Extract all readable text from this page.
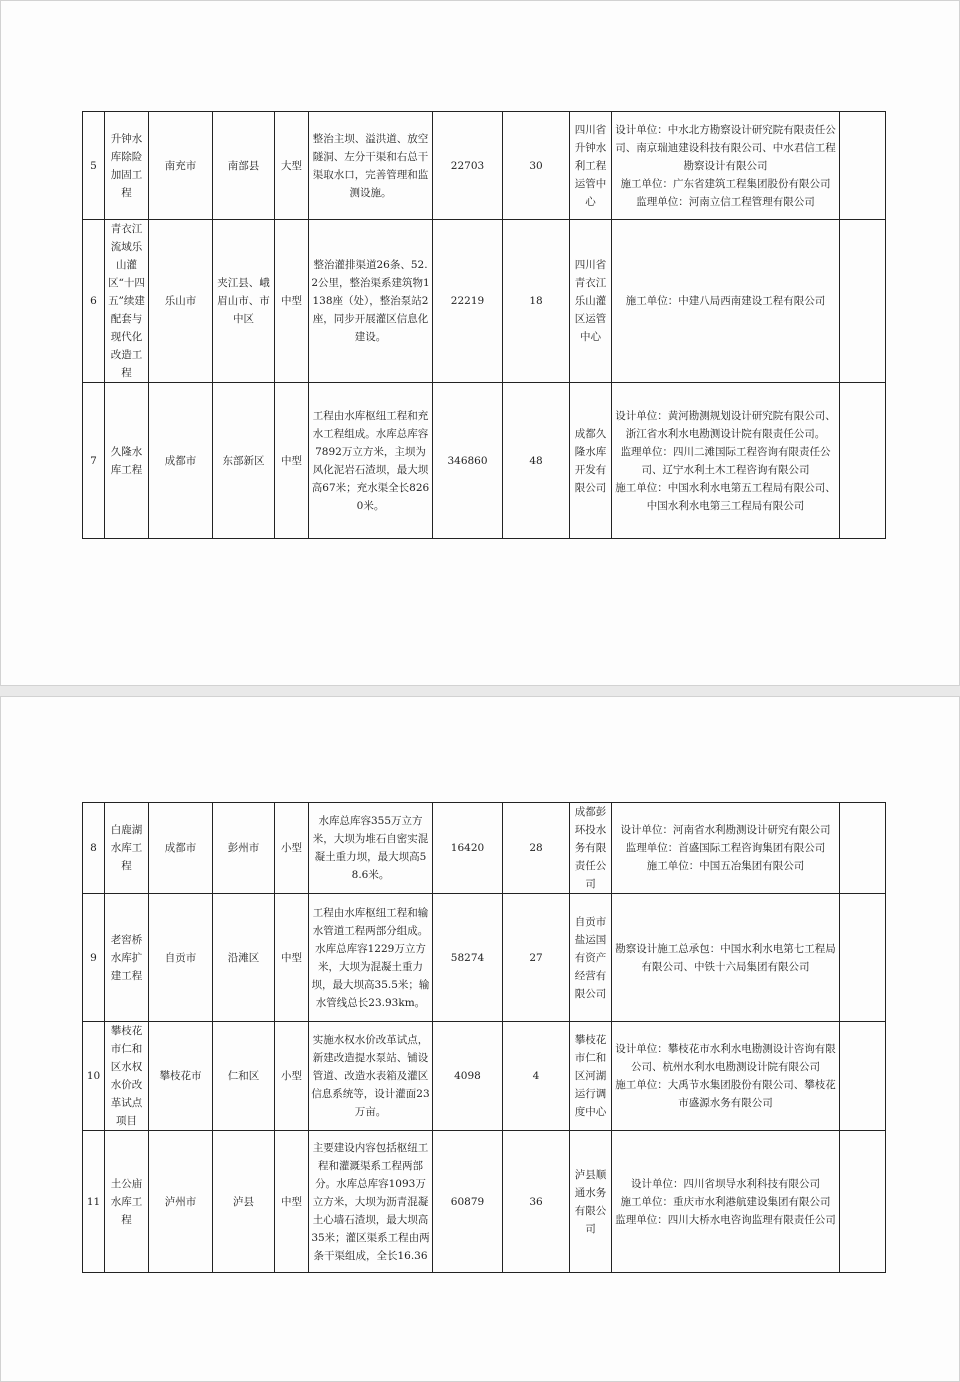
5	升钟水库除险加固工程	南充市	南部县	大型	整治主坝、溢洪道、放空隧洞、左分干渠和右总干渠取水口，完善管理和监测设施。	22703	30	四川省升钟水利工程运管中心	设计单位：中水北方勘察设计研究院有限责任公司、南京瑞迪建设科技有限公司、中水君信工程勘察设计有限公司
施工单位：广东省建筑工程集团股份有限公司
监理单位：河南立信工程管理有限公司	

6	青衣江流域乐山灌区“十四五”续建配套与现代化改造工程	乐山市	夹江县、峨眉山市、市中区	中型	整治灌排渠道26条、52.2公里，整治渠系建筑物1138座（处），整治泵站2座，同步开展灌区信息化建设。	22219	18	四川省青衣江乐山灌区运管中心	施工单位：中建八局西南建设工程有限公司	

7	久隆水库工程	成都市	东部新区	中型	工程由水库枢纽工程和充水工程组成。水库总库容7892万立方米，主坝为风化泥岩石渣坝，最大坝高67米；充水渠全长8260米。	346860	48	成都久隆水库开发有限公司	设计单位：黄河勘测规划设计研究院有限公司、浙江省水利水电勘测设计院有限责任公司。
监理单位：四川二滩国际工程咨询有限责任公司、辽宁水利土木工程咨询有限公司
施工单位：中国水利水电第五工程局有限公司、中国水利水电第三工程局有限公司	

8	白鹿湖水库工程	成都市	彭州市	小型	水库总库容355万立方米，大坝为堆石自密实混凝土重力坝，最大坝高58.6米。	16420	28	成都彭环投水务有限责任公司	设计单位：河南省水利勘测设计研究有限公司
监理单位：首盛国际工程咨询集团有限公司
施工单位：中国五冶集团有限公司	

9	老窖桥水库扩建工程	自贡市	沿滩区	中型	工程由水库枢纽工程和输水管道工程两部分组成。水库总库容1229万立方米，大坝为混凝土重力坝，最大坝高35.5米；输水管线总长23.93km。	58274	27	自贡市盐运国有资产经营有限公司	勘察设计施工总承包：中国水利水电第七工程局有限公司、中铁十六局集团有限公司	

10	攀枝花市仁和区水权水价改革试点项目	攀枝花市	仁和区	小型	实施水权水价改革试点，新建改造提水泵站、铺设管道、改造水表箱及灌区信息系统等，设计灌面23万亩。	4098	4	攀枝花市仁和区河湖运行调度中心	设计单位：攀枝花市水利水电勘测设计咨询有限公司、杭州水利水电勘测设计院有限公司
施工单位：大禹节水集团股份有限公司、攀枝花市盛源水务有限公司	

11	土公庙水库工程	泸州市	泸县	中型	主要建设内容包括枢纽工程和灌溉渠系工程两部分。水库总库容1093万立方米，大坝为沥青混凝土心墙石渣坝，最大坝高35米；灌区渠系工程由两条干渠组成，全长16.36	60879	36	泸县顺通水务有限公司	设计单位：四川省坝导水利科技有限公司
施工单位：重庆市水利港航建设集团有限公司
监理单位：四川大桥水电咨询监理有限责任公司	
